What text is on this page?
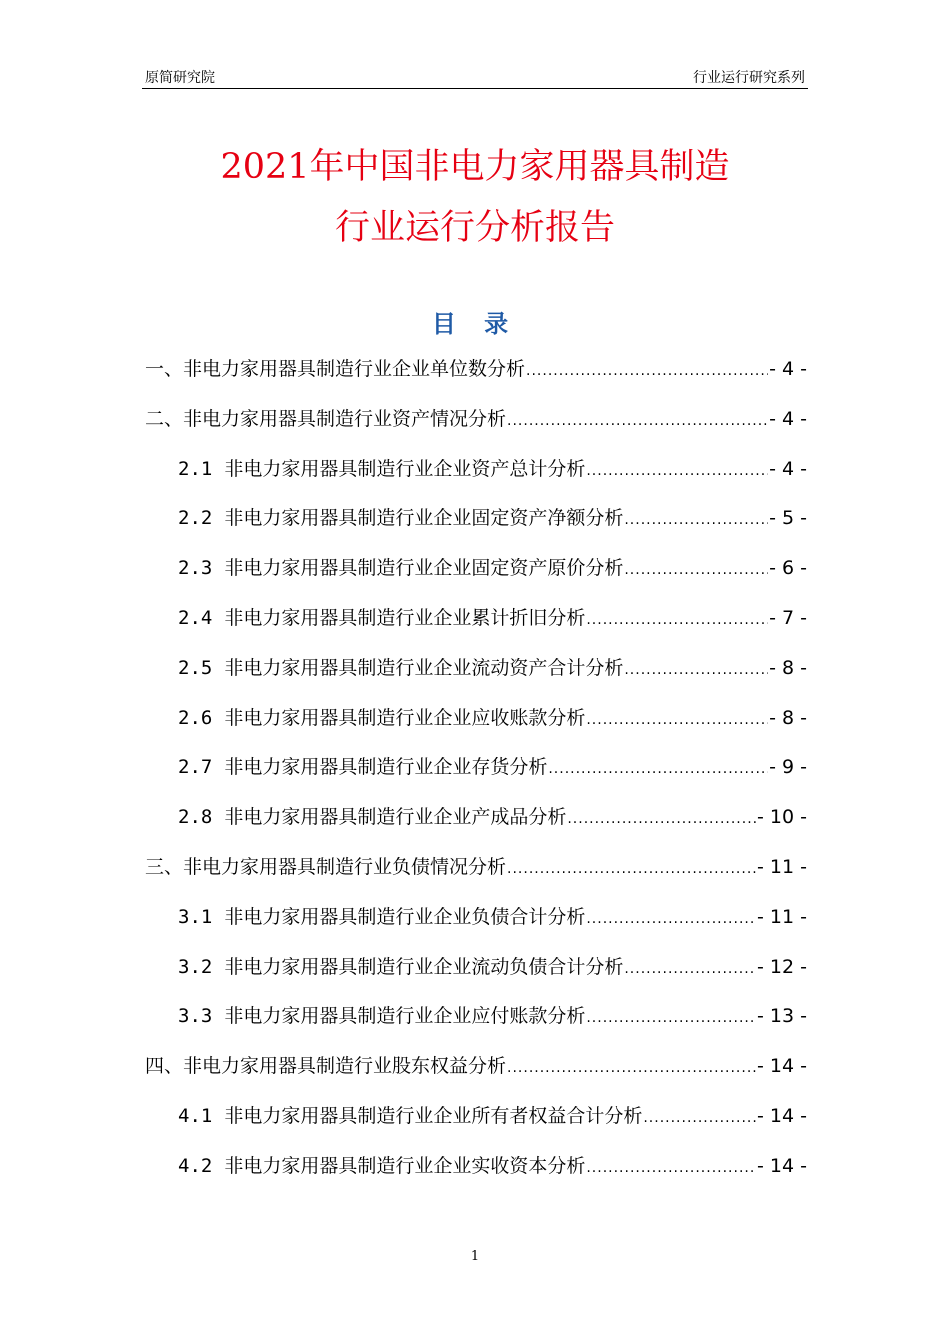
原简研究院	行业运行研究系列
2021年中国非电力家用器具制造
行业运行分析报告
目 录
一、非电力家用器具制造行业企业单位数分析 .....	- 4 -
二、非电力家用器具制造行业资产情况分析 .....	- 4 -
2.1 非电力家用器具制造行业企业资产总计分析 .....	- 4 -
2.2 非电力家用器具制造行业企业固定资产净额分析 .....	- 5 -
2.3 非电力家用器具制造行业企业固定资产原价分析 .....	- 6 -
2.4 非电力家用器具制造行业企业累计折旧分析 .....	- 7 -
2.5 非电力家用器具制造行业企业流动资产合计分析 .....	- 8 -
2.6 非电力家用器具制造行业企业应收账款分析 .....	- 8 -
2.7 非电力家用器具制造行业企业存货分析 .....	- 9 -
2.8 非电力家用器具制造行业企业产成品分析 .....	- 10 -
三、非电力家用器具制造行业负债情况分析 .....	- 11 -
3.1 非电力家用器具制造行业企业负债合计分析 .....	- 11 -
3.2 非电力家用器具制造行业企业流动负债合计分析 .....	- 12 -
3.3 非电力家用器具制造行业企业应付账款分析 .....	- 13 -
四、非电力家用器具制造行业股东权益分析 .....	- 14 -
4.1 非电力家用器具制造行业企业所有者权益合计分析 .....	- 14 -
4.2 非电力家用器具制造行业企业实收资本分析 .....	- 14 -
1
